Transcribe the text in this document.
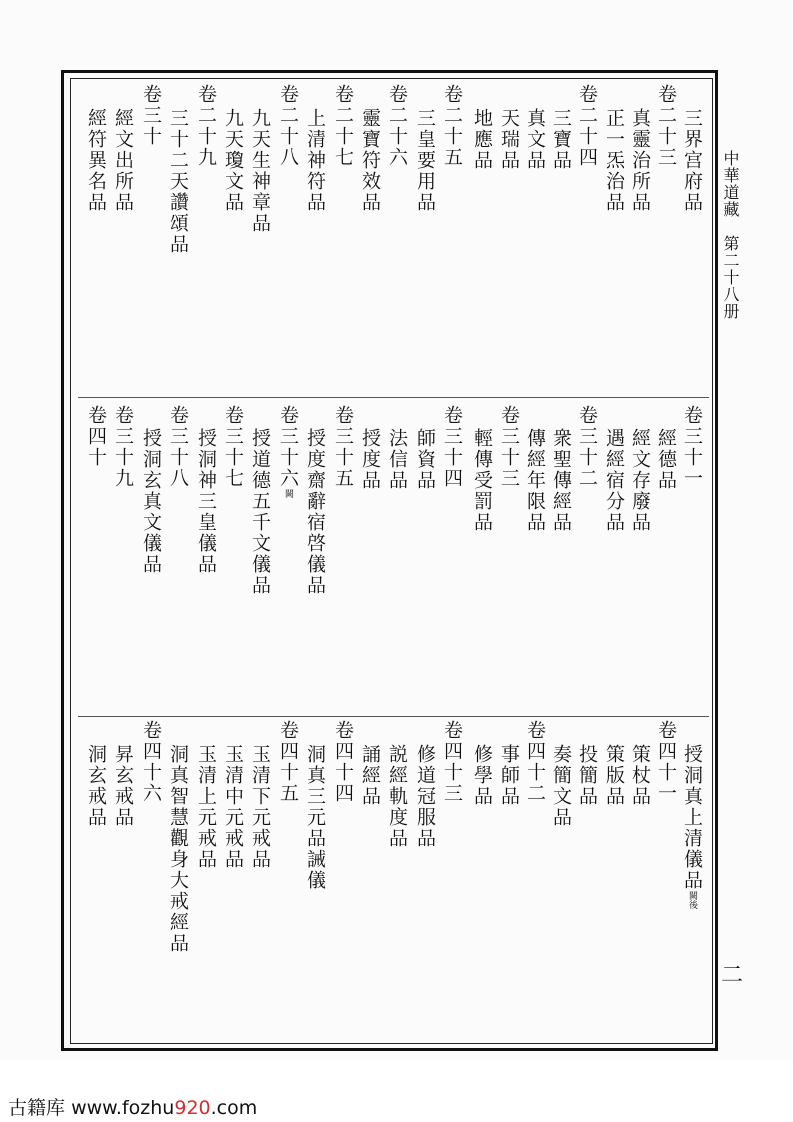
中華道藏　第二十八册
二
三界宫府品
卷二十三
真靈治所品
正一炁治品
卷二十四
三寶品
真文品
天瑞品
地應品
卷二十五
三皇要用品
卷二十六
靈寶符效品
卷二十七
上清神符品
卷二十八
九天生神章品
九天瓊文品
卷二十九
三十二天讚頌品
卷三十
經文出所品
經符異名品
卷三十一
經德品
經文存廢品
遇經宿分品
卷三十二
衆聖傳經品
傳經年限品
卷三十三
輕傳受罰品
卷三十四
師資品
法信品
授度品
卷三十五
授度齋辭宿啓儀品
卷三十六闕
授道德五千文儀品
卷三十七
授洞神三皇儀品
卷三十八
授洞玄真文儀品
卷三十九
卷四十
授洞真上清儀品闕後
卷四十一
策杖品
策版品
投簡品
奏簡文品
卷四十二
事師品
修學品
卷四十三
修道冠服品
説經軌度品
誦經品
卷四十四
洞真三元品誡儀
卷四十五
玉清下元戒品
玉清中元戒品
玉清上元戒品
洞真智慧觀身大戒經品
卷四十六
昇玄戒品
洞玄戒品
古籍库 www.fozhu920.com
